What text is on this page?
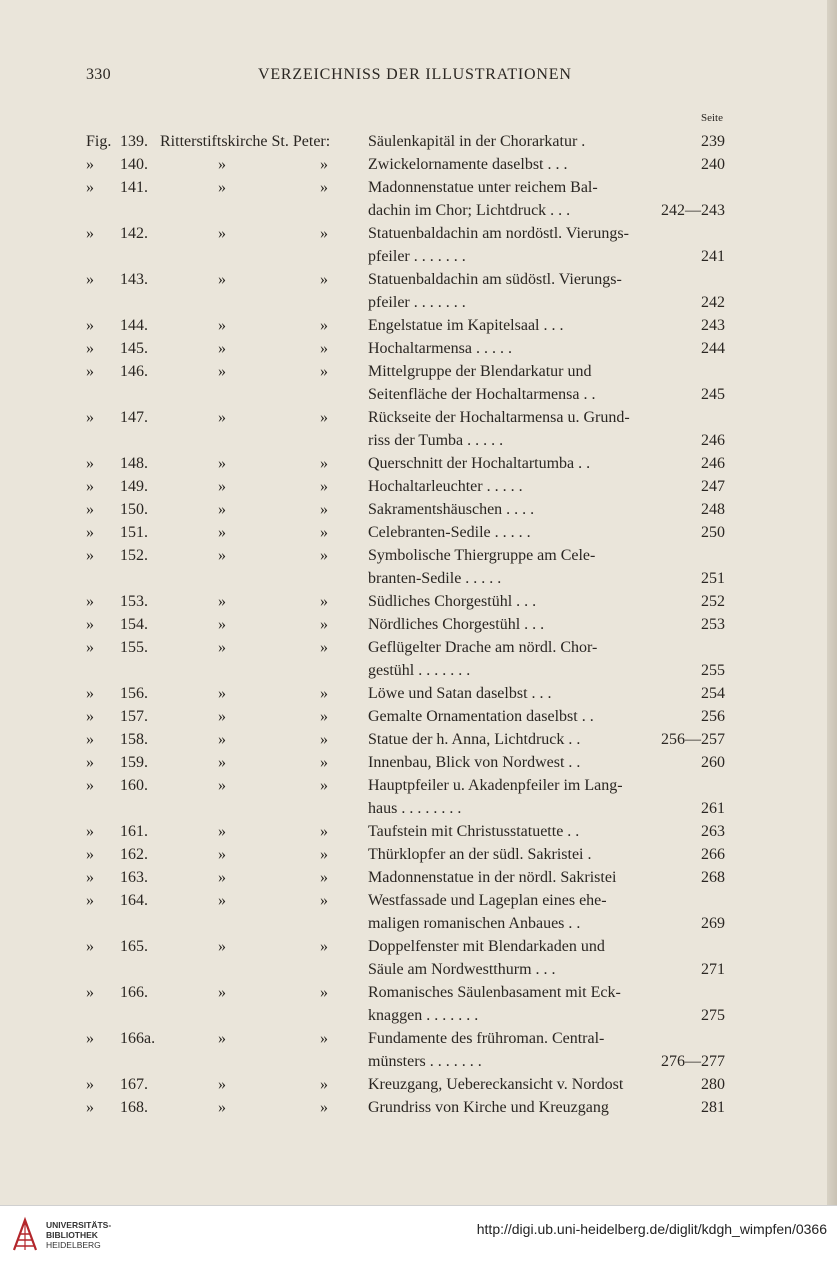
330	VERZEICHNISS DER ILLUSTRATIONEN
Seite
Fig. 139. Ritterstiftskirche St. Peter: Säulenkapitäl in der Chorarkatur .	239
» 140.	»	»	Zwickelornamente daselbst . . .	240
» 141.	»	»	Madonnenstatue unter reichem Bal-
dachin im Chor; Lichtdruck . . .	242—243
» 142.	»	»	Statuenbaldachin am nordöstl. Vierungs-
pfeiler . . . . . . .	241
» 143.	»	»	Statuenbaldachin am südöstl. Vierungs-
pfeiler . . . . . . .	242
» 144.	»	»	Engelstatue im Kapitelsaal . . .	243
» 145.	»	»	Hochaltarmensa . . . . .	244
» 146.	»	»	Mittelgruppe der Blendarkatur und
Seitenfläche der Hochaltarmensa . .	245
» 147.	»	»	Rückseite der Hochaltarmensa u. Grund-
riss der Tumba . . . . .	246
» 148.	»	»	Querschnitt der Hochaltartumba . .	246
» 149.	»	»	Hochaltarleuchter . . . . .	247
» 150.	»	»	Sakramentshäuschen . . . .	248
» 151.	»	»	Celebranten-Sedile . . . . .	250
» 152.	»	»	Symbolische Thiergruppe am Cele-
branten-Sedile . . . . .	251
» 153.	»	»	Südliches Chorgestühl . . .	252
» 154.	»	»	Nördliches Chorgestühl . . .	253
» 155.	»	»	Geflügelter Drache am nördl. Chor-
gestühl . . . . . . .	255
» 156.	»	»	Löwe und Satan daselbst . . .	254
» 157.	»	»	Gemalte Ornamentation daselbst . .	256
» 158.	»	»	Statue der h. Anna, Lichtdruck . .	256—257
» 159.	»	»	Innenbau, Blick von Nordwest . .	260
» 160.	»	»	Hauptpfeiler u. Akadenpfeiler im Lang-
haus . . . . . . . .	261
» 161.	»	»	Taufstein mit Christusstatuette . .	263
» 162.	»	»	Thürklopfer an der südl. Sakristei .	266
» 163.	»	»	Madonnenstatue in der nördl. Sakristei	268
» 164.	»	»	Westfassade und Lageplan eines ehe-
maligen romanischen Anbaues . .	269
» 165.	»	»	Doppelfenster mit Blendarkaden und
Säule am Nordwestthurm . . .	271
» 166.	»	»	Romanisches Säulenbasament mit Eck-
knaggen . . . . . . .	275
» 166a.	»	»	Fundamente des frühroman. Central-
münsters . . . . . . .	276—277
» 167.	»	»	Kreuzgang, Uebereckansicht v. Nordost	280
» 168.	»	»	Grundriss von Kirche und Kreuzgang	281
UNIVERSITÄTS-
BIBLIOTHEK
HEIDELBERG
http://digi.ub.uni-heidelberg.de/diglit/kdgh_wimpfen/0366
